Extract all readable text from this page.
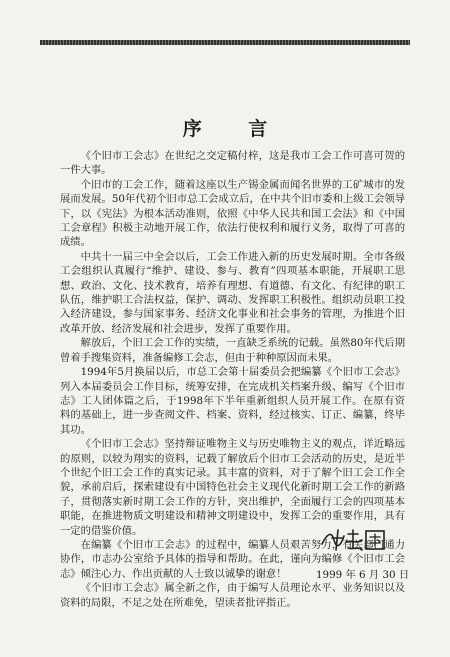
序 言

《个旧市工会志》在世纪之交定稿付梓，这是我市工会工作可喜可贺的一件大事。

个旧市的工会工作，随着这座以生产锡金属而闻名世界的工矿城市的发展而发展。50年代初个旧市总工会成立后，在中共个旧市委和上级工会领导下，以《宪法》为根本活动准则，依照《中华人民共和国工会法》和《中国工会章程》积极主动地开展工作，依法行使权利和履行义务，取得了可喜的成绩。

中共十一届三中全会以后，工会工作进入新的历史发展时期。全市各级工会组织认真履行“维护、建设、参与、教育”四项基本职能，开展职工思想、政治、文化、技术教育，培养有理想、有道德、有文化、有纪律的职工队伍，维护职工合法权益，保护、调动、发挥职工积极性。组织动员职工投入经济建设，参与国家事务、经济文化事业和社会事务的管理，为推进个旧改革开放、经济发展和社会进步，发挥了重要作用。

解放后，个旧工会工作的实绩，一直缺乏系统的记载。虽然80年代后期曾着手搜集资料，准备编修工会志，但由于种种原因而未果。

1994年5月换届以后，市总工会第十届委员会把编纂《个旧市工会志》列入本届委员会工作目标，统筹安排，在完成机关档案升级、编写《个旧市志》工人团体篇之后，于1998年下半年重新组织人员开展工作。在原有资料的基础上，进一步查阅文件、档案、资料，经过核实、订正、编纂，终毕其功。

《个旧市工会志》坚持辩证唯物主义与历史唯物主义的观点，详近略远的原则，以较为翔实的资料，记载了解放后个旧市工会活动的历史，是近半个世纪个旧工会工作的真实记录。其丰富的资料，对于了解个旧工会工作全貌，承前启后，探索建设有中国特色社会主义现代化新时期工会工作的新路子，贯彻落实新时期工会工作的方针，突出维护，全面履行工会的四项基本职能，在推进物质文明建设和精神文明建设中，发挥工会的重要作用，具有一定的借鉴价值。

在编纂《个旧市工会志》的过程中，编纂人员艰苦努力，有关部门通力协作，市志办公室给予具体的指导和帮助。在此，谨向为编修《个旧市工会志》倾注心力、作出贡献的人士致以诚挚的谢意！

《个旧市工会志》属全新之作，由于编写人员理论水平、业务知识以及资料的局限，不足之处在所难免，望读者批评指正。

1999 年 6 月 30 日
